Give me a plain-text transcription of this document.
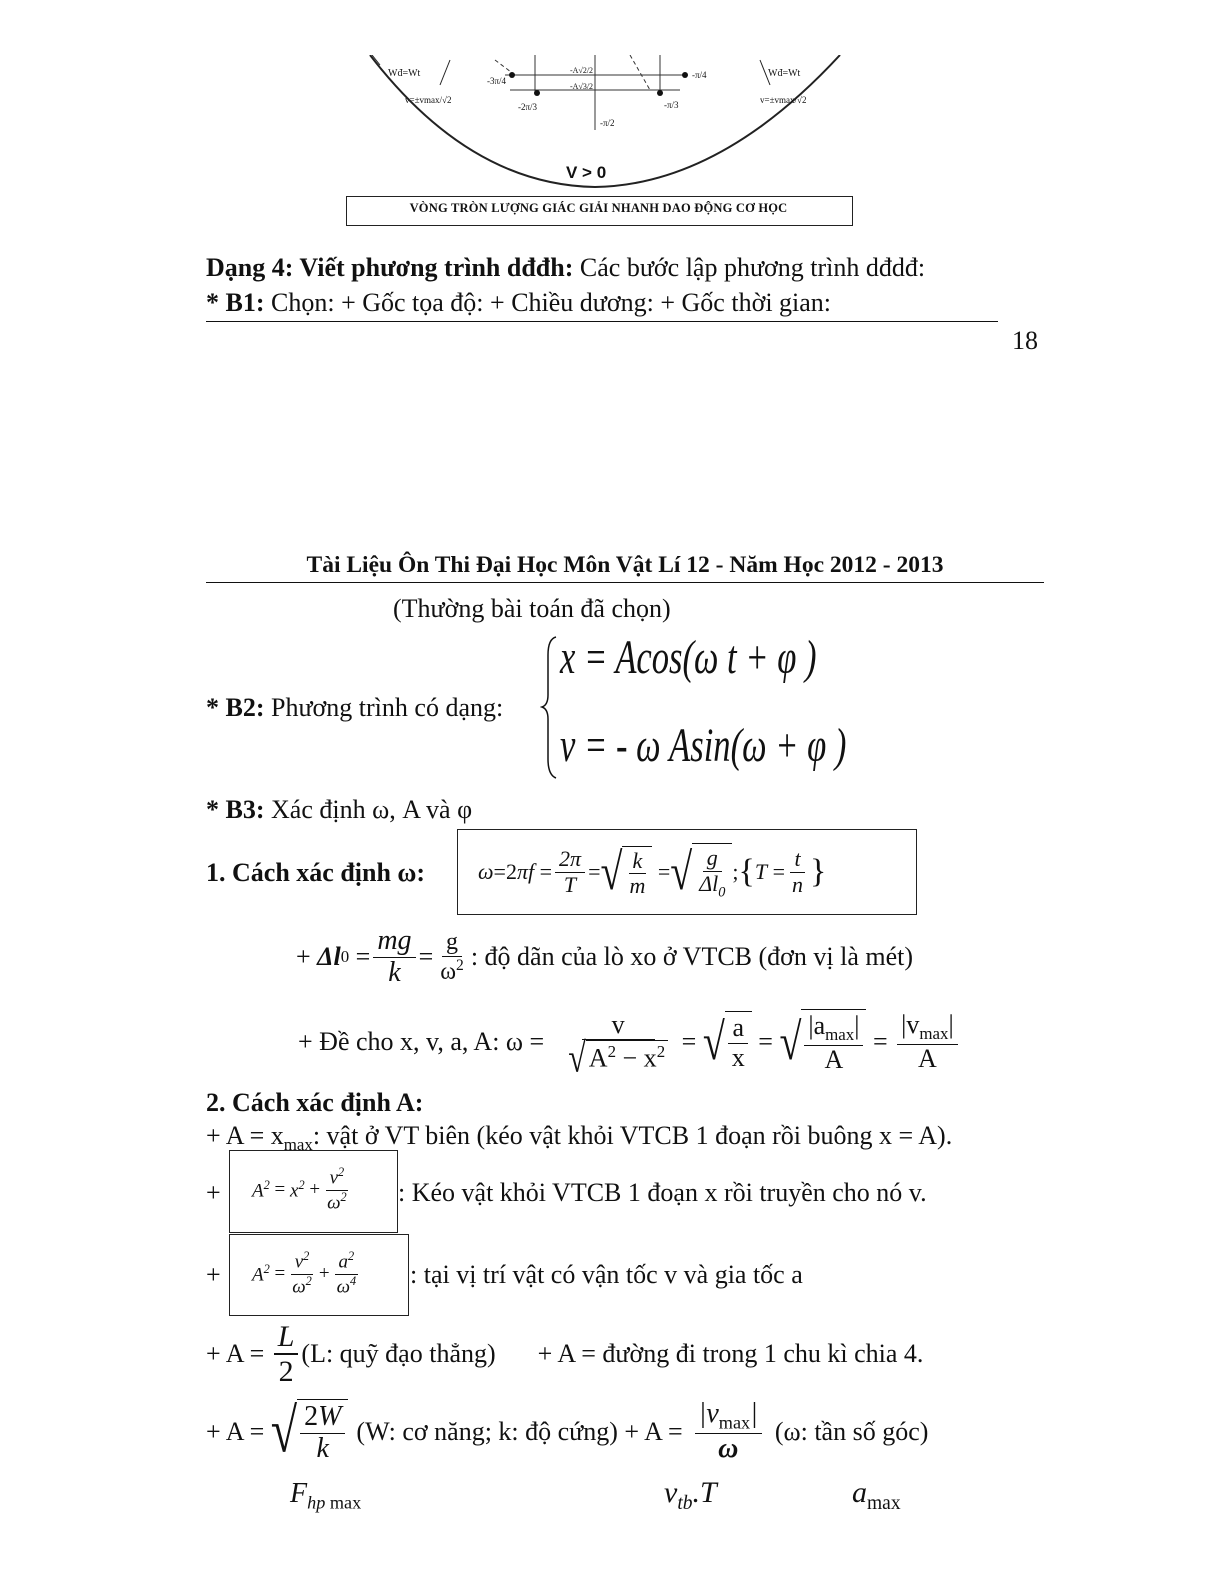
Wđ=Wt	Wđ=Wt
v=±vmax/√2	v=±vmax/√2
-3π/4
-2π/3
-π/2
-π/3
-π/4
-A√2/2
-A√3/2
V > 0
VÒNG TRÒN LƯỢNG GIÁC GIẢI NHANH DAO ĐỘNG CƠ HỌC
Dạng 4: Viết phương trình dđđh: Các bước lập phương trình dđdđ:
* B1: Chọn: + Gốc tọa độ: + Chiều dương: + Gốc thời gian:
18
Tài Liệu Ôn Thi Đại Học Môn Vật Lí 12 - Năm Học 2012 - 2013
(Thường bài toán đã chọn)
* B2: Phương trình có dạng:
x = Acos(ω t + φ )
v = - ω Asin(ω + φ )
* B3: Xác định ω, A và φ
1. Cách xác định ω: ω =2 $\pi f = \frac{2\pi}{T}$ = √ $\frac{k}{m}$ = √ $\frac{g}{\Delta l_0}$ ; { $T = \frac{t}{n}$ }
+ Δl $0 = \frac{mg}{k} = \frac{g}{\omega^2}$ : độ dãn của lò xo ở VTCB (đơn vị là mét)
+ Đề cho x, v, a, A: $\omega = \frac{v}{√ A^2 - x^2}$ = √ $\frac{a}{x}$ = √ $\frac{|a_{max}|}{A} = \frac{|v_{max}|}{A}$
2. Cách xác định A:
+ $A = x_{max}$: vật ở VT biên (kéo vật khỏi VTCB 1 đoạn rồi buông x = A).
+ $A^2 = x^2 + \frac{v^2}{\omega^2}$ : Kéo vật khỏi VTCB 1 đoạn x rồi truyền cho nó v.
+ $A^2 = \frac{v^2}{\omega^2} + \frac{a^2}{\omega^4}$ : tại vị trí vật có vận tốc v và gia tốc a
+ $A = \frac{L}{2} (L$: quỹ đạo thẳng) + A = đường đi trong 1 chu kì chia 4.
+ A = √ $\frac{2W}{k} (W$: cơ năng; k: độ cứng) + $A = \frac{|v_{max}|}{\omega} (\omega$: tần số góc)
$F_{hp max}$	$v_{tb}.T$	$a_{max}$
